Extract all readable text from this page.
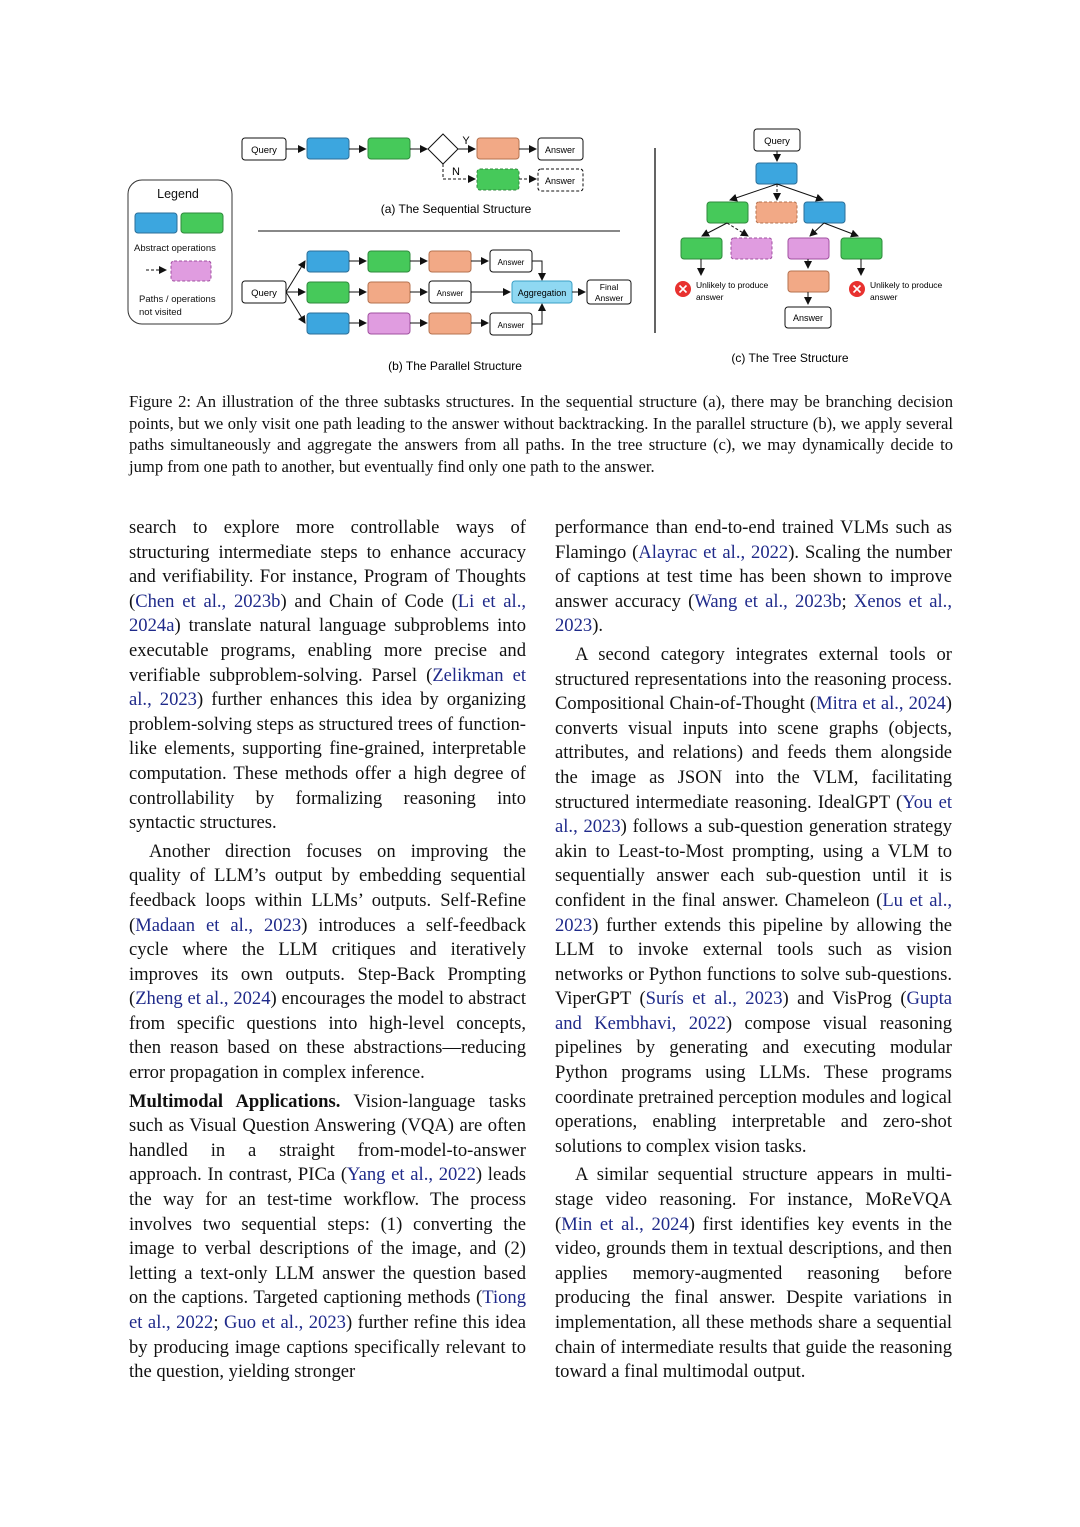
Legend
Abstract operations
Paths / operations
not visited
Query
Y
Answer
N
Answer
(a) The Sequential Structure
Query
Answer
Answer
Answer
Aggregation
Final
Answer
(b) The Parallel Structure
Query
Unlikely to produce
answer
Answer
Unlikely to produce
answer
(c) The Tree Structure
Figure 2: An illustration of the three subtasks structures. In the sequential structure (a), there may be branching decision points, but we only visit one path leading to the answer without backtracking. In the parallel structure (b), we apply several paths simultaneously and aggregate the answers from all paths. In the tree structure (c), we may dynamically decide to jump from one path to another, but eventually find only one path to the answer.

search to explore more controllable ways of structuring intermediate steps to enhance accuracy and verifiability. For instance, Program of Thoughts (Chen et al., 2023b) and Chain of Code (Li et al., 2024a) translate natural language subproblems into executable programs, enabling more precise and verifiable subproblem-solving. Parsel (Zelikman et al., 2023) further enhances this idea by organizing problem-solving steps as structured trees of function-like elements, supporting fine-grained, interpretable computation. These methods offer a high degree of controllability by formalizing reasoning into syntactic structures.

Another direction focuses on improving the quality of LLM’s output by embedding sequential feedback loops within LLMs’ outputs. Self-Refine (Madaan et al., 2023) introduces a self-feedback cycle where the LLM critiques and iteratively improves its own outputs. Step-Back Prompting (Zheng et al., 2024) encourages the model to abstract from specific questions into high-level concepts, then reason based on these abstractions—reducing error propagation in complex inference.

Multimodal Applications. Vision-language tasks such as Visual Question Answering (VQA) are often handled in a straight from-model-to-answer approach. In contrast, PICa (Yang et al., 2022) leads the way for an test-time workflow. The process involves two sequential steps: (1) converting the image to verbal descriptions of the image, and (2) letting a text-only LLM answer the question based on the captions. Targeted captioning methods (Tiong et al., 2022; Guo et al., 2023) further refine this idea by producing image captions specifically relevant to the question, yielding stronger

performance than end-to-end trained VLMs such as Flamingo (Alayrac et al., 2022). Scaling the number of captions at test time has been shown to improve answer accuracy (Wang et al., 2023b; Xenos et al., 2023).

A second category integrates external tools or structured representations into the reasoning process. Compositional Chain-of-Thought (Mitra et al., 2024) converts visual inputs into scene graphs (objects, attributes, and relations) and feeds them alongside the image as JSON into the VLM, facilitating structured intermediate reasoning. IdealGPT (You et al., 2023) follows a sub-question generation strategy akin to Least-to-Most prompting, using a VLM to sequentially answer each sub-question until it is confident in the final answer. Chameleon (Lu et al., 2023) further extends this pipeline by allowing the LLM to invoke external tools such as vision networks or Python functions to solve sub-questions. ViperGPT (Surís et al., 2023) and VisProg (Gupta and Kembhavi, 2022) compose visual reasoning pipelines by generating and executing modular Python programs using LLMs. These programs coordinate pretrained perception modules and logical operations, enabling interpretable and zero-shot solutions to complex vision tasks.

A similar sequential structure appears in multi-stage video reasoning. For instance, MoReVQA (Min et al., 2024) first identifies key events in the video, grounds them in textual descriptions, and then applies memory-augmented reasoning before producing the final answer. Despite variations in implementation, all these methods share a sequential chain of intermediate results that guide the reasoning toward a final multimodal output.
